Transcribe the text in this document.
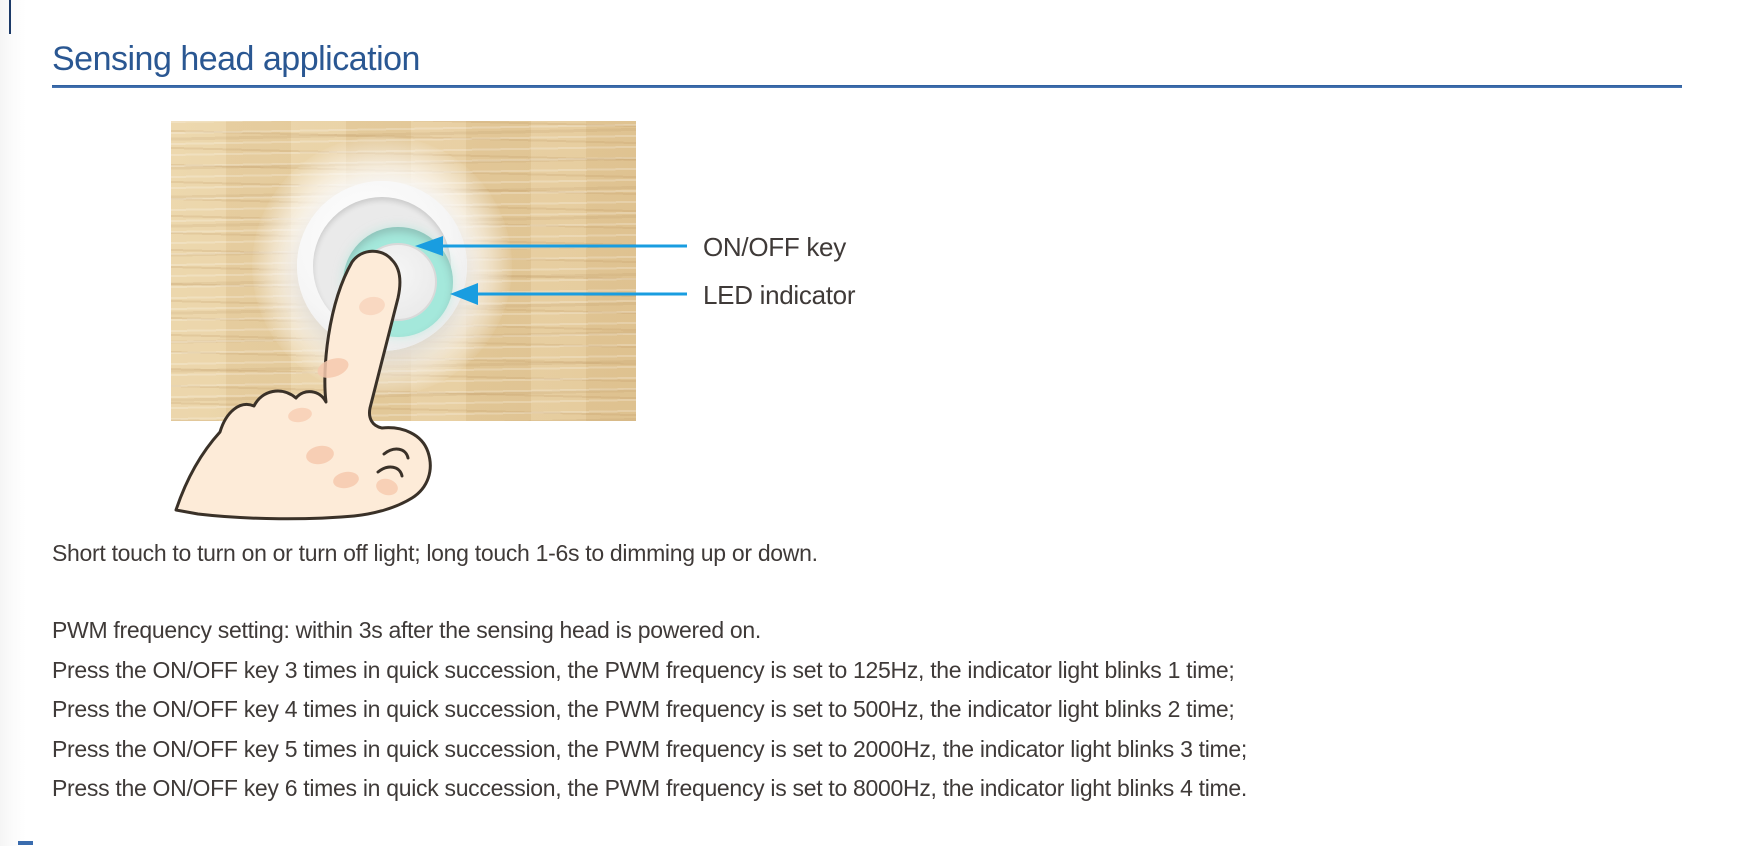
Sensing head application
ON/OFF key
LED indicator
Short touch to turn on or turn off light; long touch 1-6s to dimming up or down.
PWM frequency setting: within 3s after the sensing head is powered on.
Press the ON/OFF key 3 times in quick succession, the PWM frequency is set to 125Hz, the indicator light blinks 1 time;
Press the ON/OFF key 4 times in quick succession, the PWM frequency is set to 500Hz, the indicator light blinks 2 time;
Press the ON/OFF key 5 times in quick succession, the PWM frequency is set to 2000Hz, the indicator light blinks 3 time;
Press the ON/OFF key 6 times in quick succession, the PWM frequency is set to 8000Hz, the indicator light blinks 4 time.
